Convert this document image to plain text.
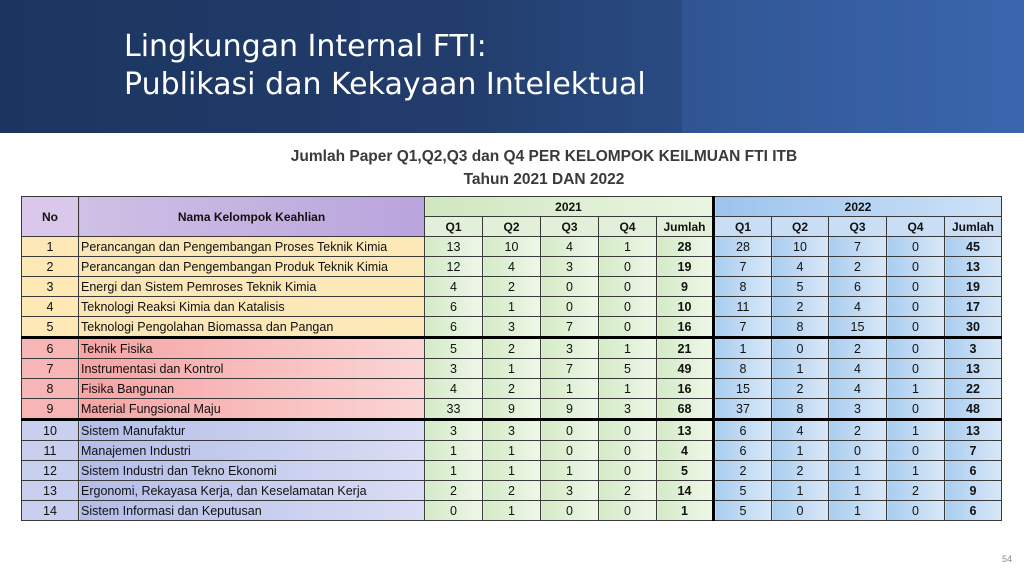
Lingkungan Internal FTI:
Publikasi dan Kekayaan Intelektual
Jumlah Paper Q1,Q2,Q3 dan Q4 PER KELOMPOK KEILMUAN FTI ITB
Tahun 2021 DAN 2022
No	Nama Kelompok Keahlian	2021					2022				
		Q1	Q2	Q3	Q4	Jumlah	Q1	Q2	Q3	Q4	Jumlah
1	Perancangan dan Pengembangan Proses Teknik Kimia	13	10	4	1	28	28	10	7	0	45
2	Perancangan dan Pengembangan Produk Teknik Kimia	12	4	3	0	19	7	4	2	0	13
3	Energi dan Sistem Pemroses Teknik Kimia	4	2	0	0	9	8	5	6	0	19
4	Teknologi Reaksi Kimia dan Katalisis	6	1	0	0	10	11	2	4	0	17
5	Teknologi Pengolahan Biomassa dan Pangan	6	3	7	0	16	7	8	15	0	30
6	Teknik Fisika	5	2	3	1	21	1	0	2	0	3
7	Instrumentasi dan Kontrol	3	1	7	5	49	8	1	4	0	13
8	Fisika Bangunan	4	2	1	1	16	15	2	4	1	22
9	Material Fungsional Maju	33	9	9	3	68	37	8	3	0	48
10	Sistem Manufaktur	3	3	0	0	13	6	4	2	1	13
11	Manajemen Industri	1	1	0	0	4	6	1	0	0	7
12	Sistem Industri dan Tekno Ekonomi	1	1	1	0	5	2	2	1	1	6
13	Ergonomi, Rekayasa Kerja, dan Keselamatan Kerja	2	2	3	2	14	5	1	1	2	9
14	Sistem Informasi dan Keputusan	0	1	0	0	1	5	0	1	0	6
54
